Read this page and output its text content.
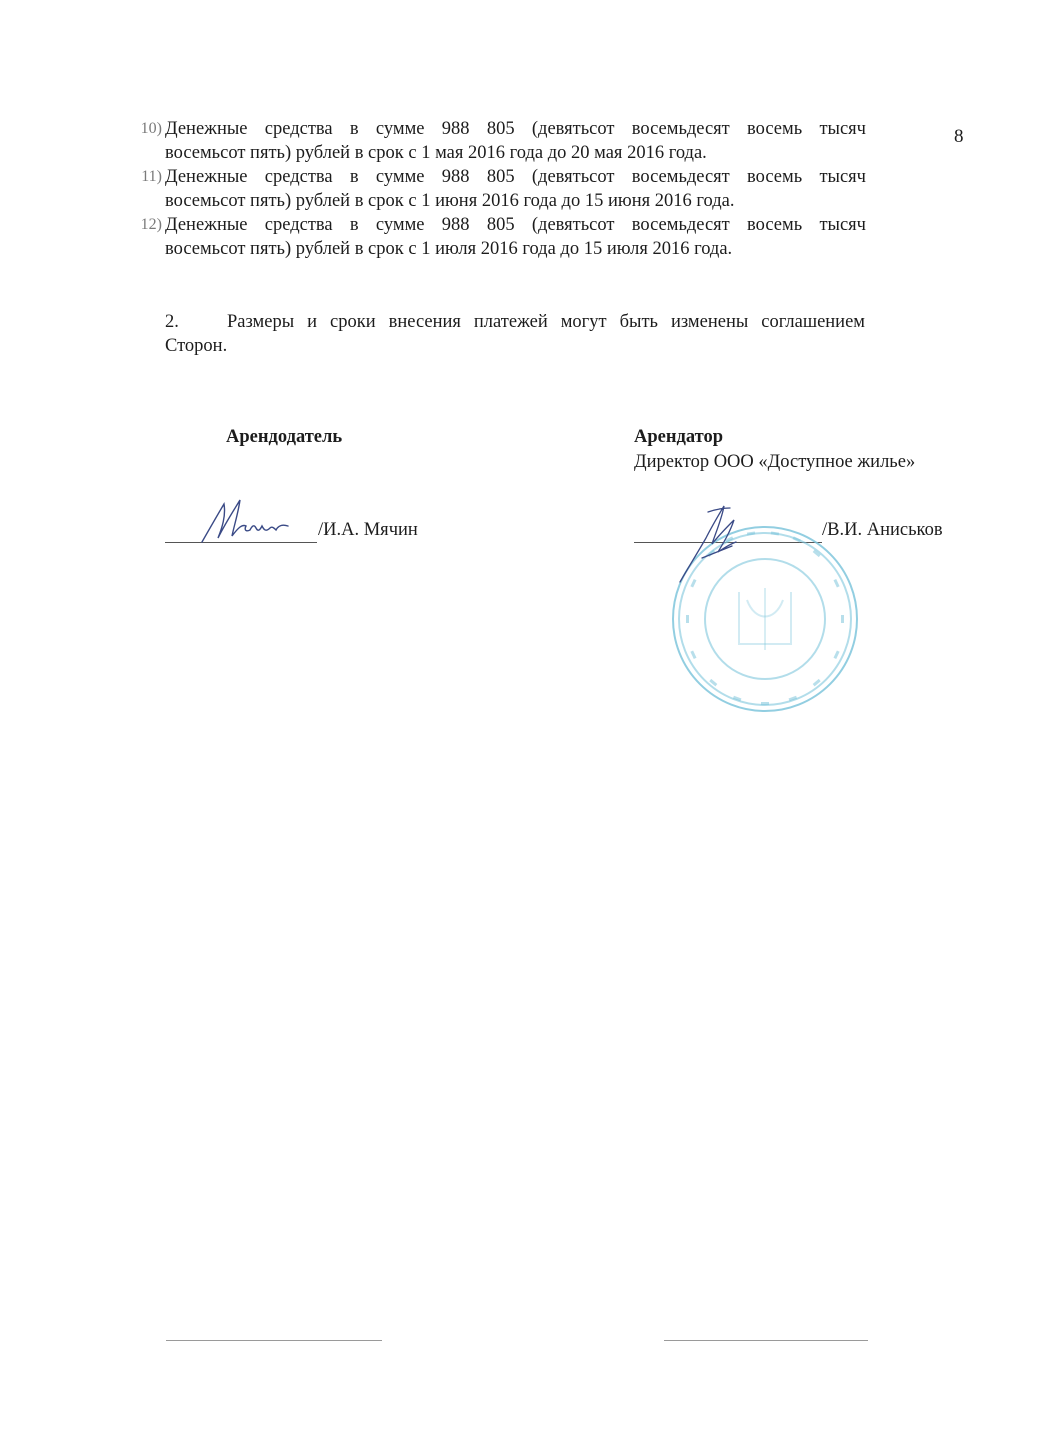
8
10) Денежные средства в сумме 988 805 (девятьсот восемьдесят восемь тысяч
восемьсот пять) рублей в срок с 1 мая 2016 года до 20 мая 2016 года.
11) Денежные средства в сумме 988 805 (девятьсот восемьдесят восемь тысяч
восемьсот пять) рублей в срок с 1 июня 2016 года до 15 июня 2016 года.
12) Денежные средства в сумме 988 805 (девятьсот восемьдесят восемь тысяч
восемьсот пять) рублей в срок с 1 июля 2016 года до 15 июля 2016 года.
2.	Размеры и сроки внесения платежей могут быть изменены соглашением
Сторон.
Арендодатель	Арендатор
Директор ООО «Доступное жилье»
/И.А. Мячин	/В.И. Аниськов
